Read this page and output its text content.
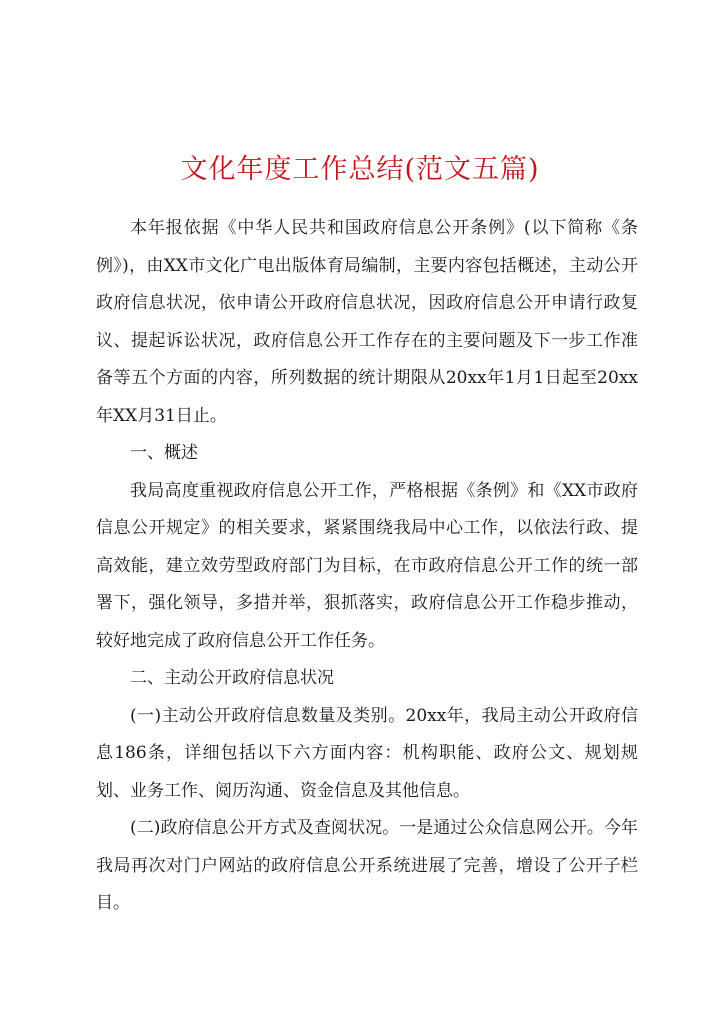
文化年度工作总结(范文五篇)

本年报依据《中华人民共和国政府信息公开条例》(以下简称《条例》)，由XX市文化广电出版体育局编制，主要内容包括概述，主动公开政府信息状况，依申请公开政府信息状况，因政府信息公开申请行政复议、提起诉讼状况，政府信息公开工作存在的主要问题及下一步工作准备等五个方面的内容，所列数据的统计期限从20xx年1月1日起至20xx年XX月31日止。

一、概述

我局高度重视政府信息公开工作，严格根据《条例》和《XX市政府信息公开规定》的相关要求，紧紧围绕我局中心工作，以依法行政、提高效能，建立效劳型政府部门为目标，在市政府信息公开工作的统一部署下，强化领导，多措并举，狠抓落实，政府信息公开工作稳步推动，较好地完成了政府信息公开工作任务。

二、主动公开政府信息状况

(一)主动公开政府信息数量及类别。20xx年，我局主动公开政府信息186条，详细包括以下六方面内容：机构职能、政府公文、规划规划、业务工作、阅历沟通、资金信息及其他信息。

(二)政府信息公开方式及查阅状况。一是通过公众信息网公开。今年我局再次对门户网站的政府信息公开系统进展了完善，增设了公开子栏目。
